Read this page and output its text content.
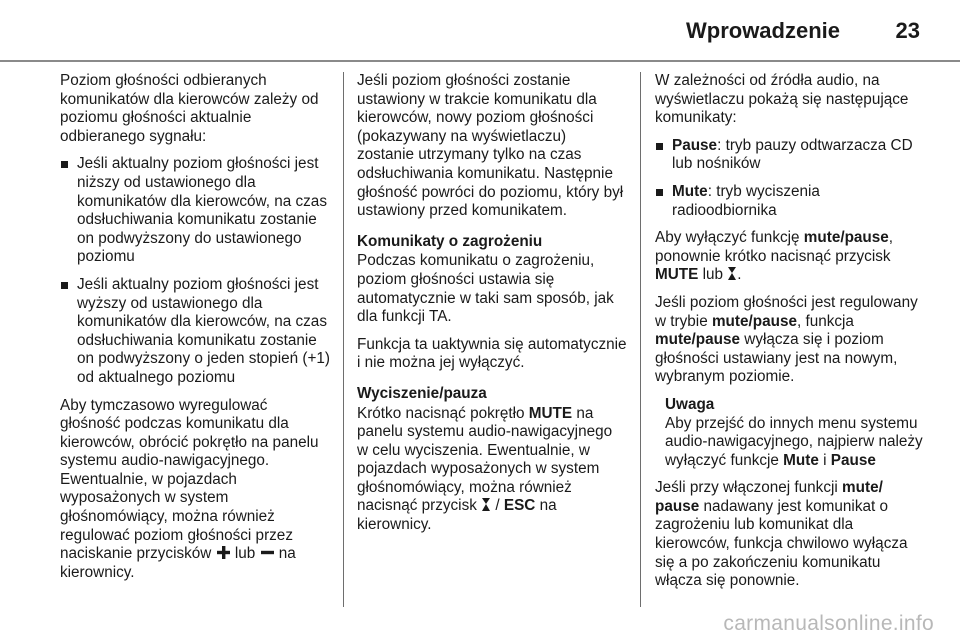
Wprowadzenie	23

Poziom głośności odbieranych komunikatów dla kierowców zależy od poziomu głośności aktualnie odbieranego sygnału:

Jeśli aktualny poziom głośności jest niższy od ustawionego dla komunikatów dla kierowców, na czas odsłuchiwania komunikatu zostanie on podwyższony do ustawionego poziomu
Jeśli aktualny poziom głośności jest wyższy od ustawionego dla komunikatów dla kierowców, na czas odsłuchiwania komunikatu zostanie on podwyższony o jeden stopień (+1) od aktualnego poziomu

Aby tymczasowo wyregulować głośność podczas komunikatu dla kierowców, obrócić pokrętło na panelu systemu audio-nawigacyjnego. Ewentualnie, w pojazdach wyposażonych w system głośnomówiący, można również regulować poziom głośności przez naciskanie przycisków lub na kierownicy.

Jeśli poziom głośności zostanie ustawiony w trakcie komunikatu dla kierowców, nowy poziom głośności (pokazywany na wyświetlaczu) zostanie utrzymany tylko na czas odsłuchiwania komunikatu. Następnie głośność powróci do poziomu, który był ustawiony przed komunikatem.

Komunikaty o zagrożeniu

Podczas komunikatu o zagrożeniu, poziom głośności ustawia się automatycznie w taki sam sposób, jak dla funkcji TA.

Funkcja ta uaktywnia się automatycznie i nie można jej wyłączyć.

Wyciszenie/pauza

Krótko nacisnąć pokrętło MUTE na panelu systemu audio-nawigacyjnego w celu wyciszenia. Ewentualnie, w pojazdach wyposażonych w system głośnomówiący, można również nacisnąć przycisk / ESC na kierownicy.

W zależności od źródła audio, na wyświetlaczu pokażą się następujące komunikaty:

Pause: tryb pauzy odtwarzacza CD lub nośników
Mute: tryb wyciszenia radioodbiornika

Aby wyłączyć funkcję mute/pause, ponownie krótko nacisnąć przycisk MUTE lub .

Jeśli poziom głośności jest regulowany w trybie mute/pause, funkcja mute/pause wyłącza się i poziom głośności ustawiany jest na nowym, wybranym poziomie.

Uwaga

Aby przejść do innych menu systemu audio-nawigacyjnego, najpierw należy wyłączyć funkcje Mute i Pause

Jeśli przy włączonej funkcji mute/ pause nadawany jest komunikat o zagrożeniu lub komunikat dla kierowców, funkcja chwilowo wyłącza się a po zakończeniu komunikatu włącza się ponownie.

carmanualsonline.info
